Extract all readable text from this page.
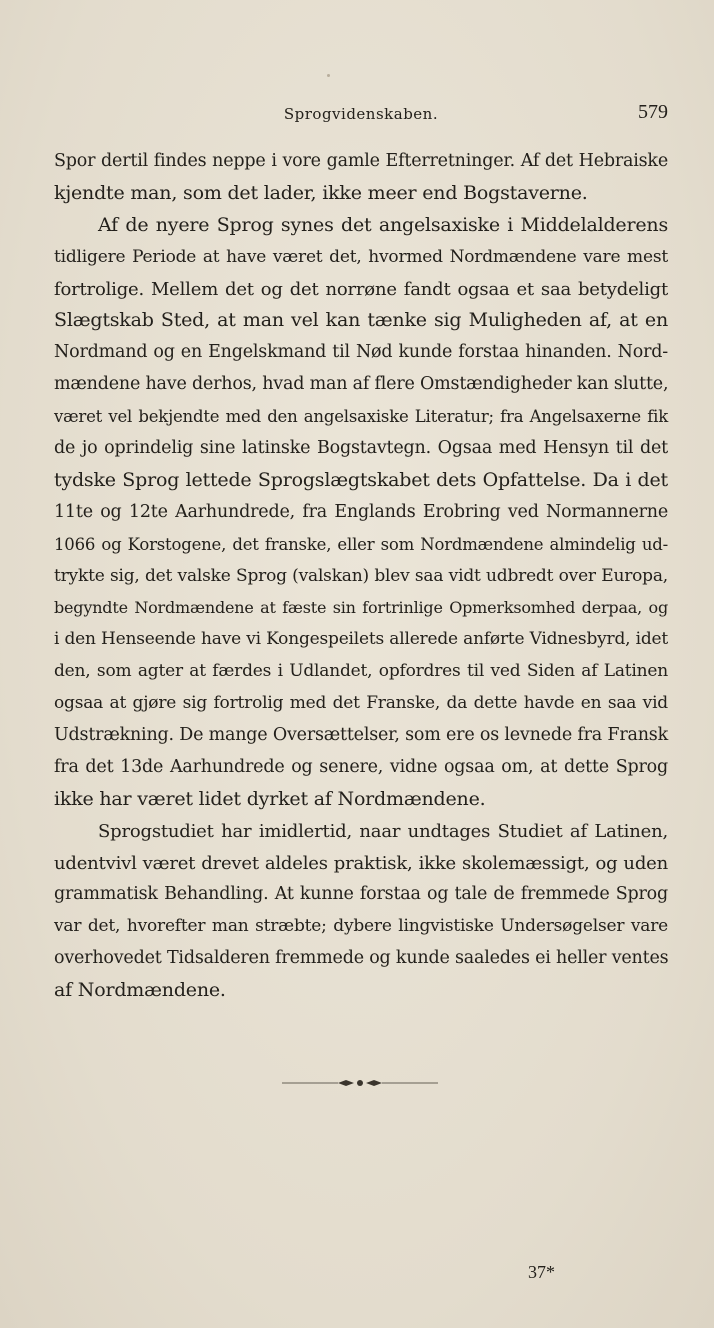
Sprogvidenskaben.	579
Spor dertil findes neppe i vore gamle Efterretninger. Af det Hebraiske
kjendte man, som det lader, ikke meer end Bogstaverne.
Af de nyere Sprog synes det angelsaxiske i Middelalderens
tidligere Periode at have været det, hvormed Nordmændene vare mest
fortrolige. Mellem det og det norrøne fandt ogsaa et saa betydeligt
Slægtskab Sted, at man vel kan tænke sig Muligheden af, at en
Nordmand og en Engelskmand til Nød kunde forstaa hinanden. Nord-
mændene have derhos, hvad man af flere Omstændigheder kan slutte,
været vel bekjendte med den angelsaxiske Literatur; fra Angelsaxerne fik
de jo oprindelig sine latinske Bogstavtegn. Ogsaa med Hensyn til det
tydske Sprog lettede Sprogslægtskabet dets Opfattelse. Da i det
11te og 12te Aarhundrede, fra Englands Erobring ved Normannerne
1066 og Korstogene, det franske, eller som Nordmændene almindelig ud-
trykte sig, det valske Sprog (valskan) blev saa vidt udbredt over Europa,
begyndte Nordmændene at fæste sin fortrinlige Opmerksomhed derpaa, og
i den Henseende have vi Kongespeilets allerede anførte Vidnesbyrd, idet
den, som agter at færdes i Udlandet, opfordres til ved Siden af Latinen
ogsaa at gjøre sig fortrolig med det Franske, da dette havde en saa vid
Udstrækning. De mange Oversættelser, som ere os levnede fra Fransk
fra det 13de Aarhundrede og senere, vidne ogsaa om, at dette Sprog
ikke har været lidet dyrket af Nordmændene.
Sprogstudiet har imidlertid, naar undtages Studiet af Latinen,
udentvivl været drevet aldeles praktisk, ikke skolemæssigt, og uden
grammatisk Behandling. At kunne forstaa og tale de fremmede Sprog
var det, hvorefter man stræbte; dybere lingvistiske Undersøgelser vare
overhovedet Tidsalderen fremmede og kunde saaledes ei heller ventes
af Nordmændene.
37*
